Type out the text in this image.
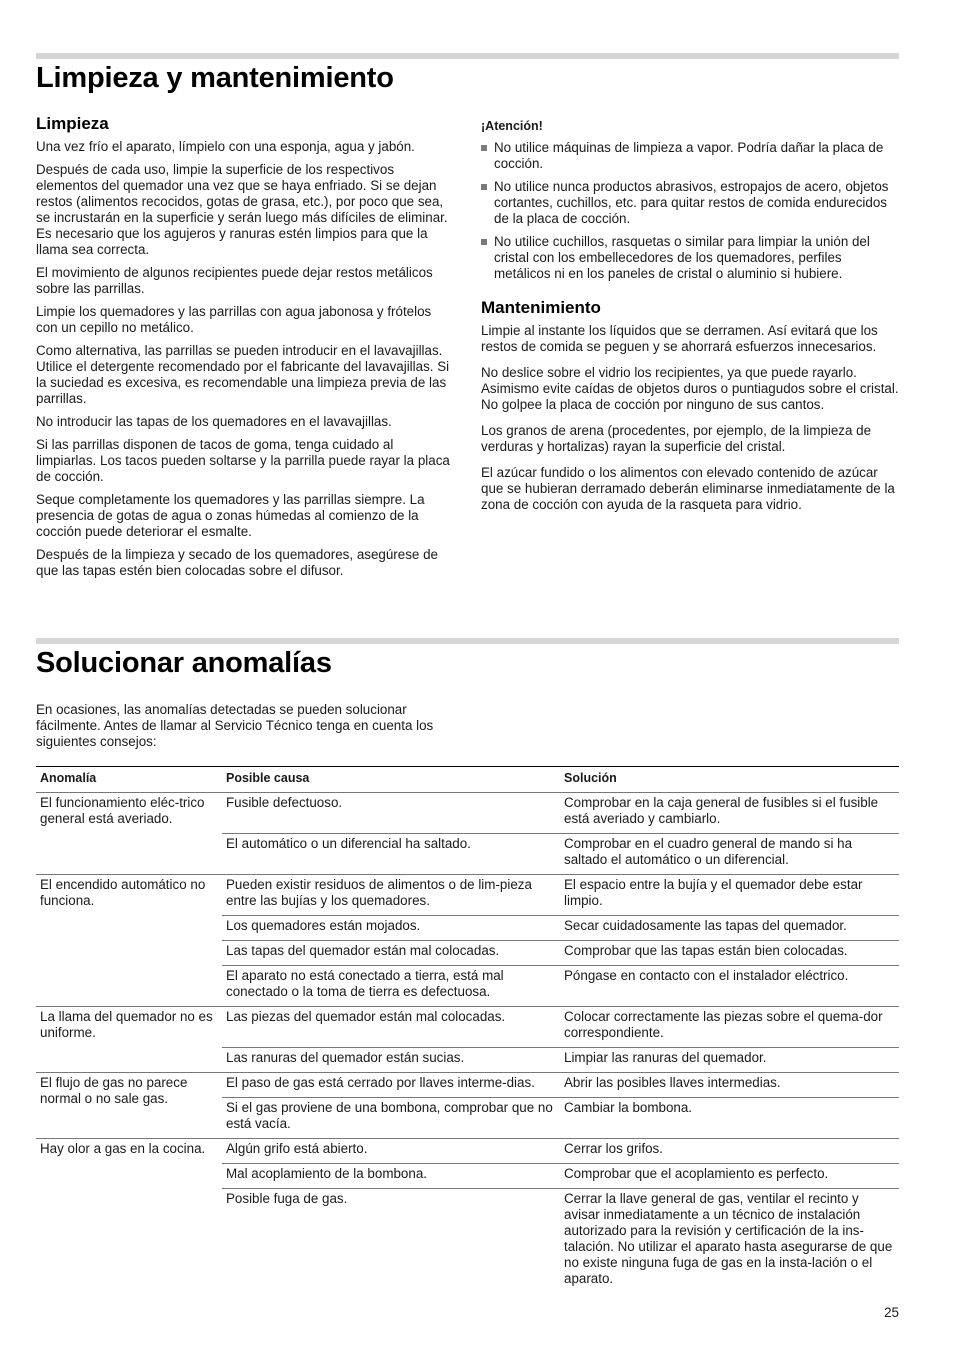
Limpieza y mantenimiento
Limpieza

Una vez frío el aparato, límpielo con una esponja, agua y jabón.

Después de cada uso, limpie la superficie de los respectivos elementos del quemador una vez que se haya enfriado. Si se dejan restos (alimentos recocidos, gotas de grasa, etc.), por poco que sea, se incrustarán en la superficie y serán luego más difíciles de eliminar. Es necesario que los agujeros y ranuras estén limpios para que la llama sea correcta.

El movimiento de algunos recipientes puede dejar restos metálicos sobre las parrillas.

Limpie los quemadores y las parrillas con agua jabonosa y frótelos con un cepillo no metálico.

Como alternativa, las parrillas se pueden introducir en el lavavajillas. Utilice el detergente recomendado por el fabricante del lavavajillas. Si la suciedad es excesiva, es recomendable una limpieza previa de las parrillas.

No introducir las tapas de los quemadores en el lavavajillas.

Si las parrillas disponen de tacos de goma, tenga cuidado al limpiarlas. Los tacos pueden soltarse y la parrilla puede rayar la placa de cocción.

Seque completamente los quemadores y las parrillas siempre. La presencia de gotas de agua o zonas húmedas al comienzo de la cocción puede deteriorar el esmalte.

Después de la limpieza y secado de los quemadores, asegúrese de que las tapas estén bien colocadas sobre el difusor.

¡Atención!
No utilice máquinas de limpieza a vapor. Podría dañar la placa de cocción.
No utilice nunca productos abrasivos, estropajos de acero, objetos cortantes, cuchillos, etc. para quitar restos de comida endurecidos de la placa de cocción.
No utilice cuchillos, rasquetas o similar para limpiar la unión del cristal con los embellecedores de los quemadores, perfiles metálicos ni en los paneles de cristal o aluminio si hubiere.
Mantenimiento

Limpie al instante los líquidos que se derramen. Así evitará que los restos de comida se peguen y se ahorrará esfuerzos innecesarios.

No deslice sobre el vidrio los recipientes, ya que puede rayarlo. Asimismo evite caídas de objetos duros o puntiagudos sobre el cristal. No golpee la placa de cocción por ninguno de sus cantos.

Los granos de arena (procedentes, por ejemplo, de la limpieza de verduras y hortalizas) rayan la superficie del cristal.

El azúcar fundido o los alimentos con elevado contenido de azúcar que se hubieran derramado deberán eliminarse inmediatamente de la zona de cocción con ayuda de la rasqueta para vidrio.

Solucionar anomalías

En ocasiones, las anomalías detectadas se pueden solucionar fácilmente. Antes de llamar al Servicio Técnico tenga en cuenta los siguientes consejos:

Anomalía	Posible causa	Solución
El funcionamiento eléc-trico general está averiado.	Fusible defectuoso.	Comprobar en la caja general de fusibles si el fusible está averiado y cambiarlo.
	El automático o un diferencial ha saltado.	Comprobar en el cuadro general de mando si ha saltado el automático o un diferencial.
El encendido automático no funciona.	Pueden existir residuos de alimentos o de lim-pieza entre las bujías y los quemadores.	El espacio entre la bujía y el quemador debe estar limpio.
	Los quemadores están mojados.	Secar cuidadosamente las tapas del quemador.
	Las tapas del quemador están mal colocadas.	Comprobar que las tapas están bien colocadas.
	El aparato no está conectado a tierra, está mal conectado o la toma de tierra es defectuosa.	Póngase en contacto con el instalador eléctrico.
La llama del quemador no es uniforme.	Las piezas del quemador están mal colocadas.	Colocar correctamente las piezas sobre el quema-dor correspondiente.
	Las ranuras del quemador están sucias.	Limpiar las ranuras del quemador.
El flujo de gas no parece normal o no sale gas.	El paso de gas está cerrado por llaves interme-dias.	Abrir las posibles llaves intermedias.
	Si el gas proviene de una bombona, comprobar que no está vacía.	Cambiar la bombona.
Hay olor a gas en la cocina.	Algún grifo está abierto.	Cerrar los grifos.
	Mal acoplamiento de la bombona.	Comprobar que el acoplamiento es perfecto.
	Posible fuga de gas.	Cerrar la llave general de gas, ventilar el recinto y avisar inmediatamente a un técnico de instalación autorizado para la revisión y certificación de la ins-talación. No utilizar el aparato hasta asegurarse de que no existe ninguna fuga de gas en la insta-lación o el aparato.
25
